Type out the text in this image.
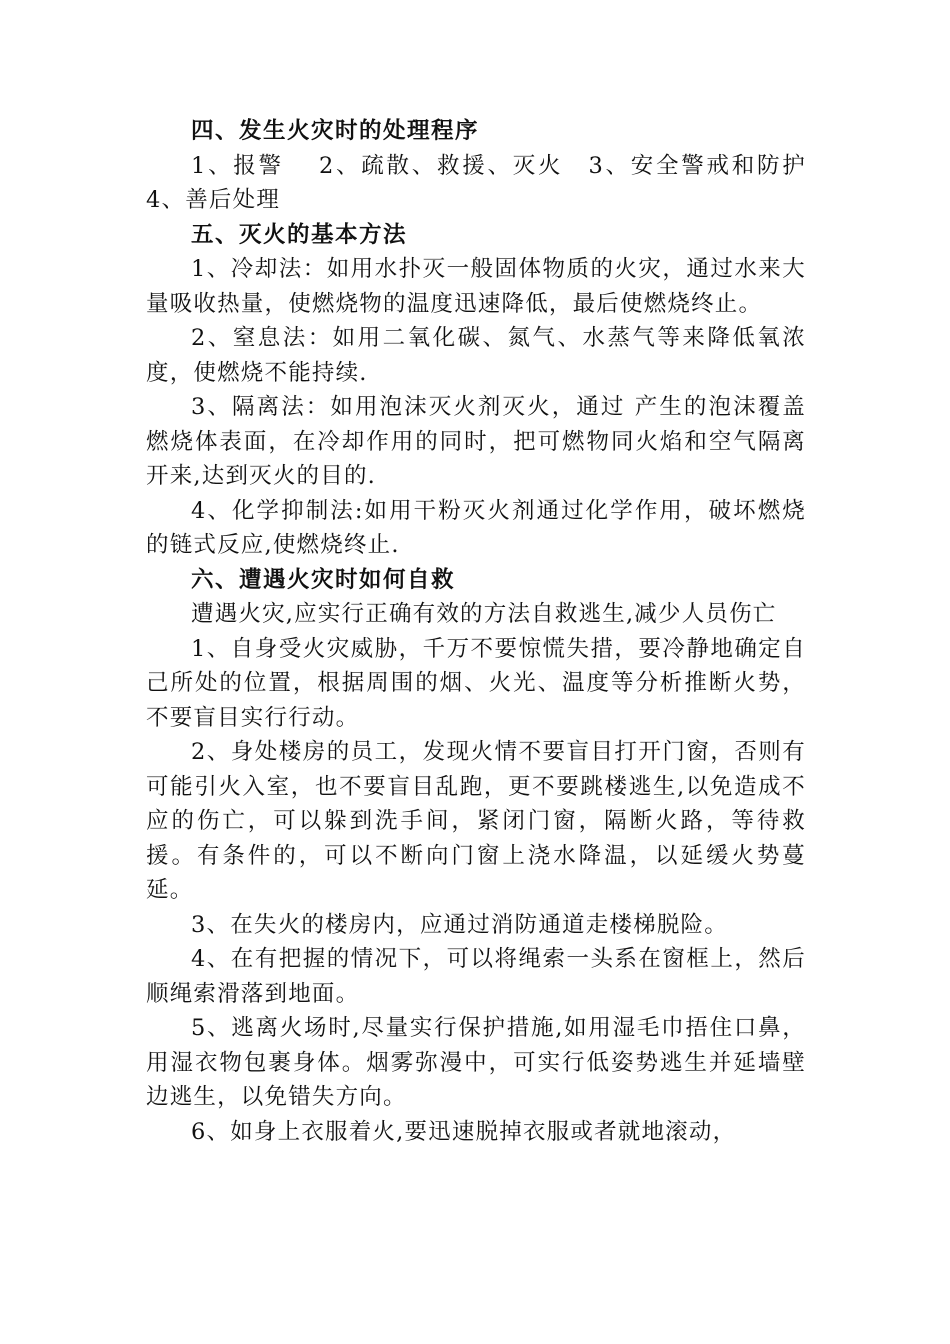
四、发生火灾时的处理程序

1、报警　 2、疏散、救援、灭火　3、安全警戒和防护　4、善后处理

五、灭火的基本方法

1、冷却法：如用水扑灭一般固体物质的火灾，通过水来大量吸收热量，使燃烧物的温度迅速降低，最后使燃烧终止。

2、窒息法：如用二氧化碳、氮气、水蒸气等来降低氧浓度，使燃烧不能持续.

3、隔离法：如用泡沫灭火剂灭火，通过 产生的泡沫覆盖燃烧体表面，在冷却作用的同时，把可燃物同火焰和空气隔离开来,达到灭火的目的.

4、化学抑制法:如用干粉灭火剂通过化学作用，破坏燃烧的链式反应,使燃烧终止.

六、遭遇火灾时如何自救

遭遇火灾,应实行正确有效的方法自救逃生,减少人员伤亡

1、自身受火灾威胁，千万不要惊慌失措，要冷静地确定自己所处的位置，根据周围的烟、火光、温度等分析推断火势，不要盲目实行行动。

2、身处楼房的员工，发现火情不要盲目打开门窗，否则有可能引火入室，也不要盲目乱跑，更不要跳楼逃生,以免造成不应的伤亡，可以躲到洗手间，紧闭门窗，隔断火路，等待救援。有条件的，可以不断向门窗上浇水降温，以延缓火势蔓延。

3、在失火的楼房内，应通过消防通道走楼梯脱险。

4、在有把握的情况下，可以将绳索一头系在窗框上，然后顺绳索滑落到地面。

5、逃离火场时,尽量实行保护措施,如用湿毛巾捂住口鼻，用湿衣物包裹身体。烟雾弥漫中，可实行低姿势逃生并延墙壁边逃生，以免错失方向。

6、如身上衣服着火,要迅速脱掉衣服或者就地滚动，
